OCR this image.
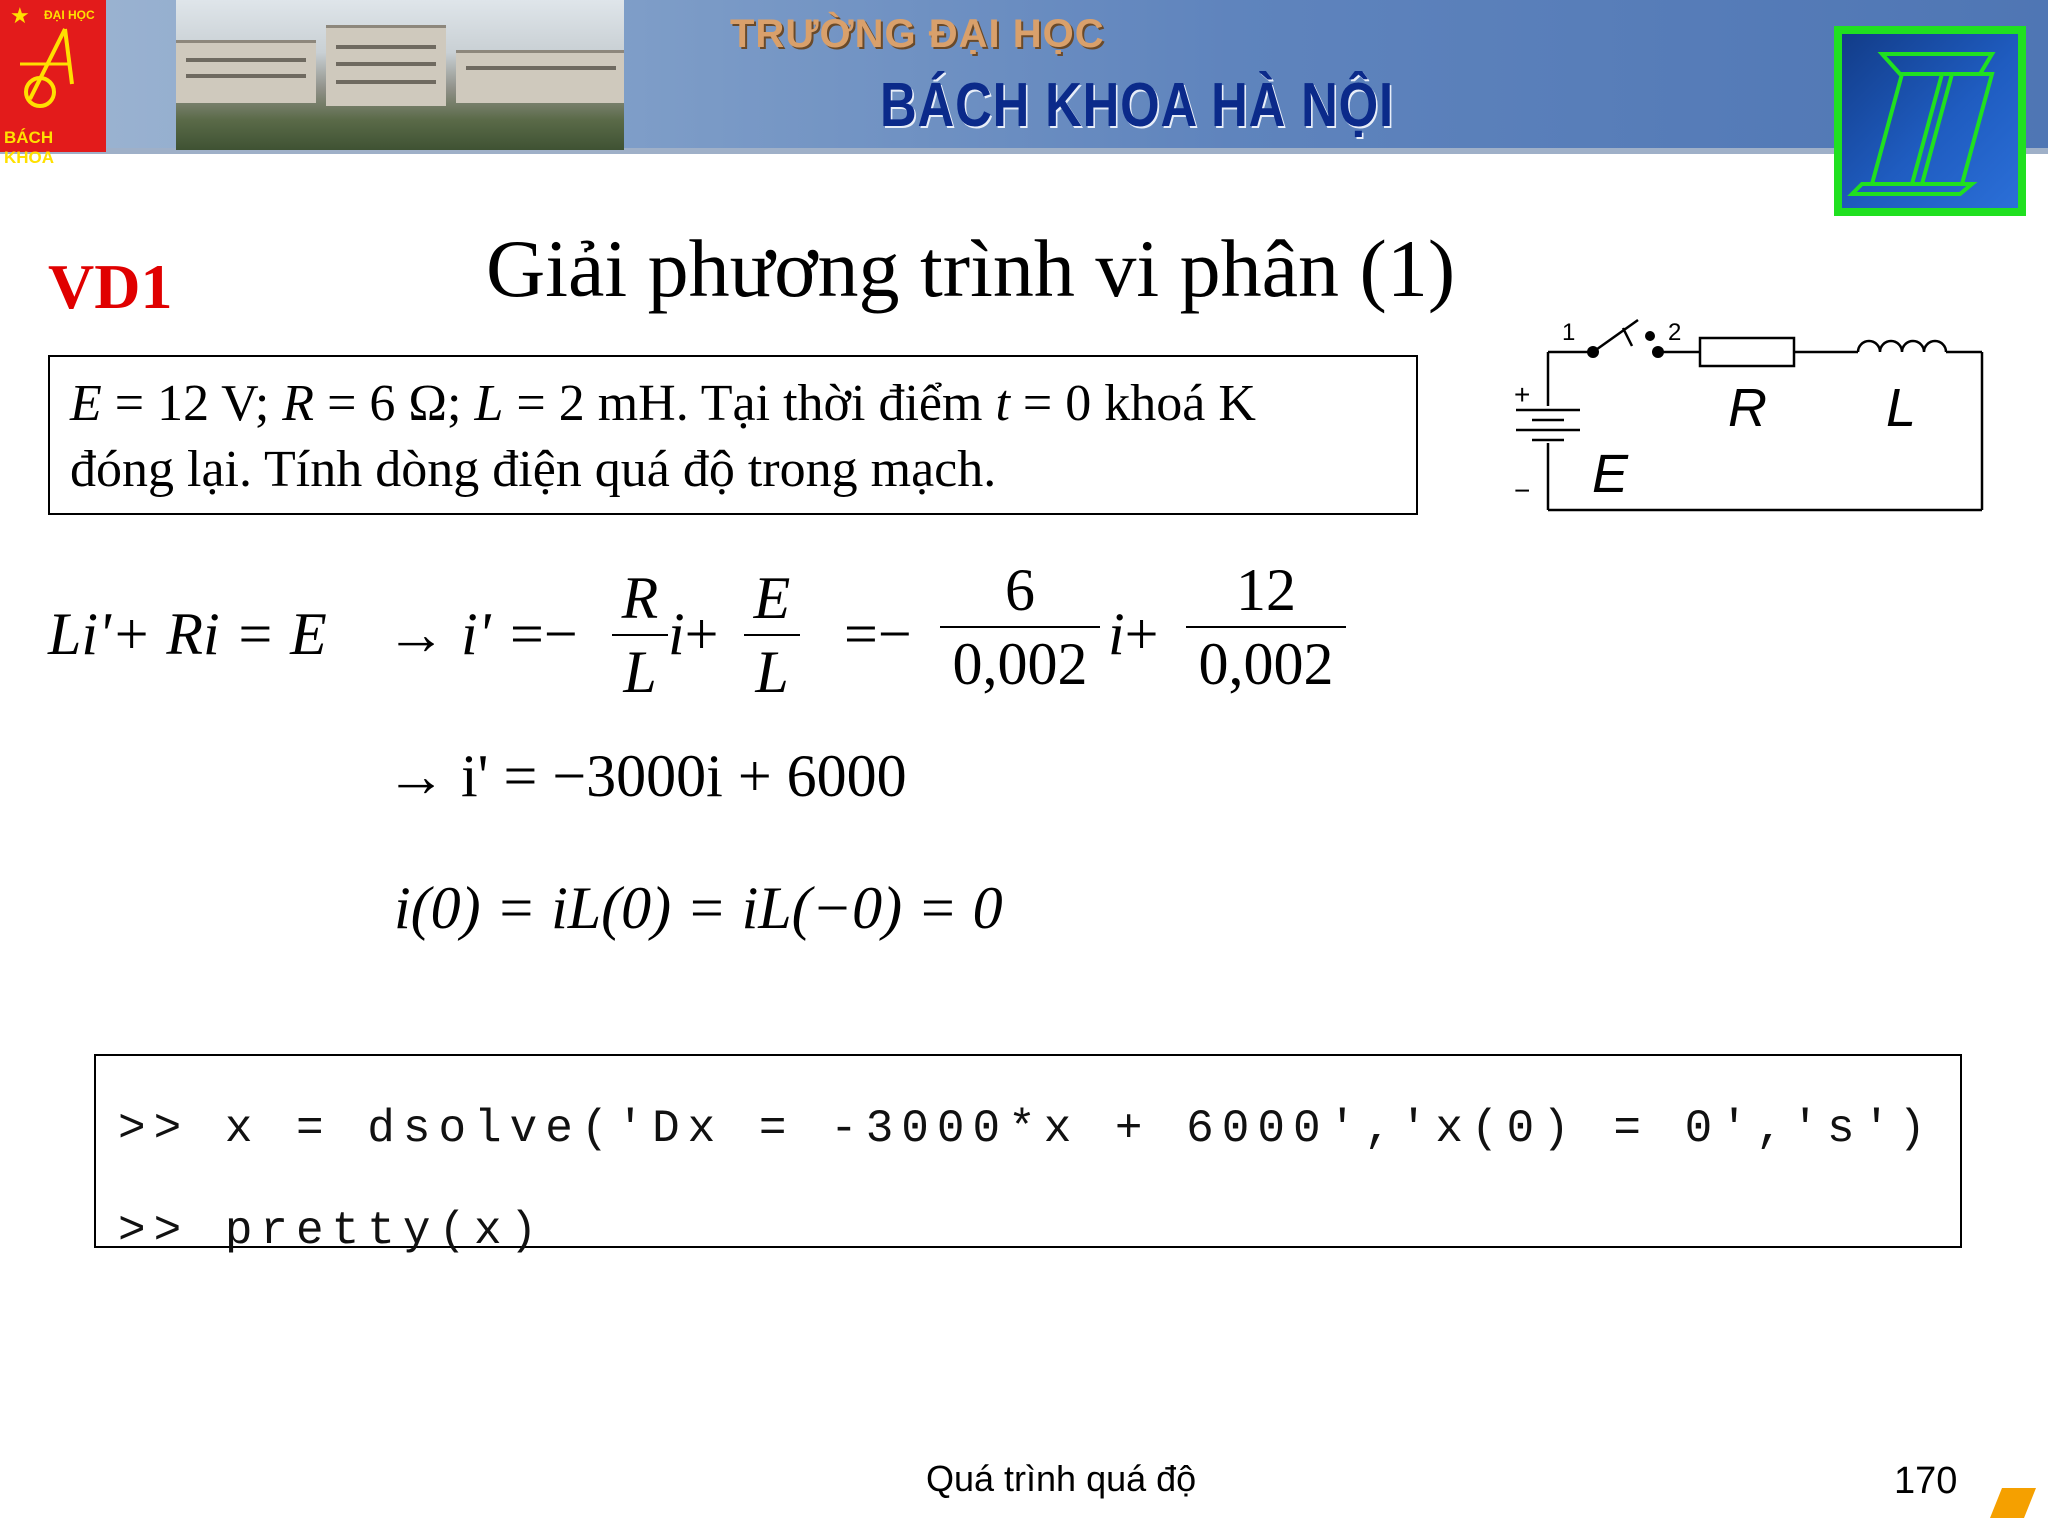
★ ĐẠI HỌC
BÁCH KHOA
TRƯỜNG ĐẠI HỌC
BÁCH KHOA HÀ NỘI
VD1	Giải phương trình vi phân (1)

E = 12 V; R = 6 Ω; L = 2 mH. Tại thời điểm t = 0 khoá K

đóng lại. Tính dòng điện quá độ trong mạch.

1	2
R L
E
+
−
Li'+ Ri = E → i' =−
R
L
i+
E
L
=−
6
0,002 i+
12
0,002
→ i' = −3000i + 6000
i(0) = iL(0) = iL(−0) = 0
>> x = dsolve('Dx = -3000*x + 6000','x(0) = 0','s')
>> pretty(x)
Quá trình quá độ	170
